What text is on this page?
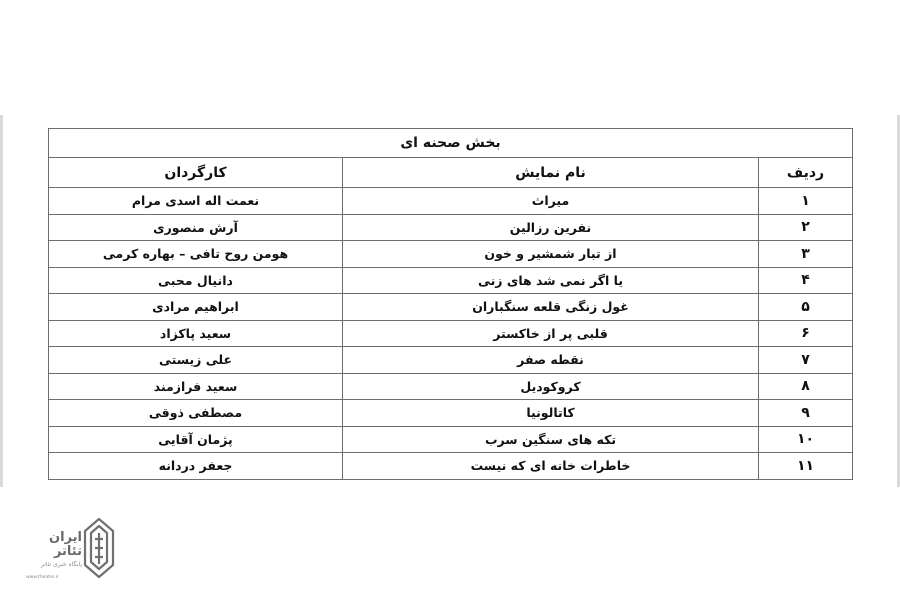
بخش صحنه ای		
ردیف	نام نمایش	کارگردان
۱	میراث	نعمت اله اسدی مرام
۲	نفرین رزالین	آرش منصوری
۳	از تبار شمشیر و خون	هومن روح تافی – بهاره کرمی
۴	یا اگر نمی شد های زنی	دانیال محبی
۵	غول زنگی قلعه سنگباران	ابراهیم مرادی
۶	قلبی پر از خاکستر	سعید پاکزاد
۷	نقطه صفر	علی زیستی
۸	کروکودیل	سعید فرازمند
۹	کاتالونیا	مصطفی ذوقی
۱۰	تکه های سنگین سرب	پژمان آقایی
۱۱	خاطرات خانه ای که نیست	جعفر دردانه
ایران تئاتر
پایگاه خبری تئاتر
www.theater.ir
